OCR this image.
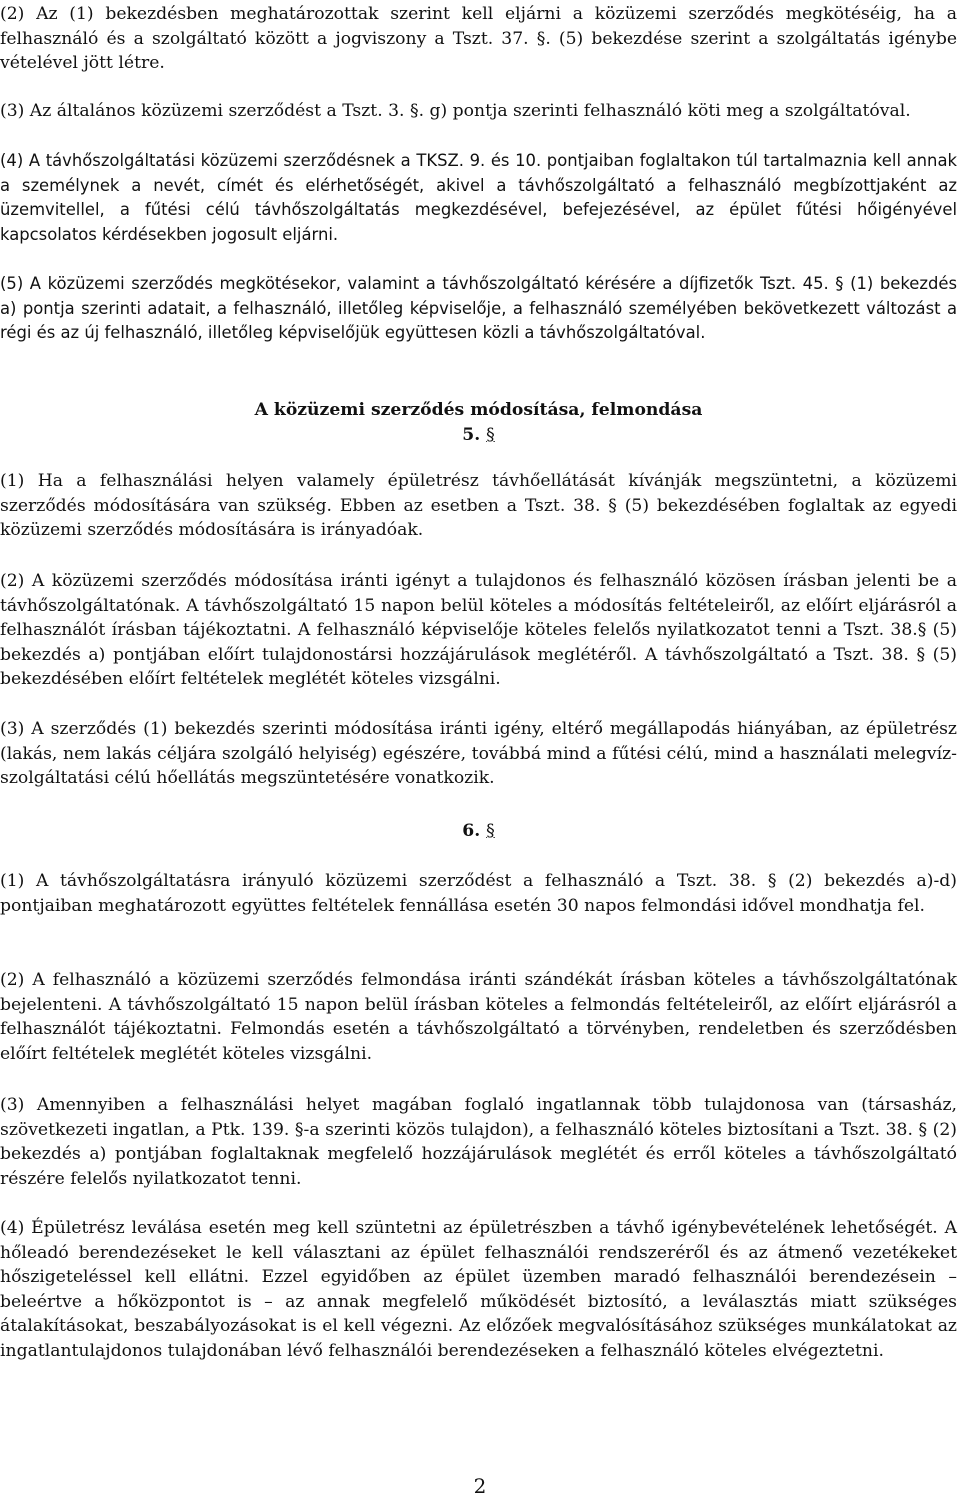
(2) Az (1) bekezdésben meghatározottak szerint kell eljárni a közüzemi szerződés megkötéséig, ha a felhasználó és a szolgáltató között a jogviszony a Tszt. 37. §. (5) bekezdése szerint a szolgáltatás igénybe vételével jött létre.

(3) Az általános közüzemi szerződést a Tszt. 3. §. g) pontja szerinti felhasználó köti meg a szolgáltatóval.

(4) A távhőszolgáltatási közüzemi szerződésnek a TKSZ. 9. és 10. pontjaiban foglaltakon túl tartalmaznia kell annak a személynek a nevét, címét és elérhetőségét, akivel a távhőszolgáltató a felhasználó megbízottjaként az üzemvitellel, a fűtési célú távhőszolgáltatás megkezdésével, befejezésével, az épület fűtési hőigényével kapcsolatos kérdésekben jogosult eljárni.

(5) A közüzemi szerződés megkötésekor, valamint a távhőszolgáltató kérésére a díjfizetők Tszt. 45. § (1) bekezdés a) pontja szerinti adatait, a felhasználó, illetőleg képviselője, a felhasználó személyében bekövetkezett változást a régi és az új felhasználó, illetőleg képviselőjük együttesen közli a távhőszolgáltatóval.

A közüzemi szerződés módosítása, felmondása
5. §

(1) Ha a felhasználási helyen valamely épületrész távhőellátását kívánják megszüntetni, a közüzemi szerződés módosítására van szükség. Ebben az esetben a Tszt. 38. § (5) bekezdésében foglaltak az egyedi közüzemi szerződés módosítására is irányadóak.

(2) A közüzemi szerződés módosítása iránti igényt a tulajdonos és felhasználó közösen írásban jelenti be a távhőszolgáltatónak. A távhőszolgáltató 15 napon belül köteles a módosítás feltételeiről, az előírt eljárásról a felhasználót írásban tájékoztatni. A felhasználó képviselője köteles felelős nyilatkozatot tenni a Tszt. 38.§ (5) bekezdés a) pontjában előírt tulajdonostársi hozzájárulások meglétéről. A távhőszolgáltató a Tszt. 38. § (5) bekezdésében előírt feltételek meglétét köteles vizsgálni.

(3) A szerződés (1) bekezdés szerinti módosítása iránti igény, eltérő megállapodás hiányában, az épületrész (lakás, nem lakás céljára szolgáló helyiség) egészére, továbbá mind a fűtési célú, mind a használati melegvíz-szolgáltatási célú hőellátás megszüntetésére vonatkozik.

6. §

(1) A távhőszolgáltatásra irányuló közüzemi szerződést a felhasználó a Tszt. 38. § (2) bekezdés a)-d) pontjaiban meghatározott együttes feltételek fennállása esetén 30 napos felmondási idővel mondhatja fel.

(2) A felhasználó a közüzemi szerződés felmondása iránti szándékát írásban köteles a távhőszolgáltatónak bejelenteni. A távhőszolgáltató 15 napon belül írásban köteles a felmondás feltételeiről, az előírt eljárásról a felhasználót tájékoztatni. Felmondás esetén a távhőszolgáltató a törvényben, rendeletben és szerződésben előírt feltételek meglétét köteles vizsgálni.

(3) Amennyiben a felhasználási helyet magában foglaló ingatlannak több tulajdonosa van (társasház, szövetkezeti ingatlan, a Ptk. 139. §-a szerinti közös tulajdon), a felhasználó köteles biztosítani a Tszt. 38. § (2) bekezdés a) pontjában foglaltaknak megfelelő hozzájárulások meglétét és erről köteles a távhőszolgáltató részére felelős nyilatkozatot tenni.

(4) Épületrész leválása esetén meg kell szüntetni az épületrészben a távhő igénybevételének lehetőségét. A hőleadó berendezéseket le kell választani az épület felhasználói rendszeréről és az átmenő vezetékeket hőszigeteléssel kell ellátni. Ezzel egyidőben az épület üzemben maradó felhasználói berendezésein – beleértve a hőközpontot is – az annak megfelelő működését biztosító, a leválasztás miatt szükséges átalakításokat, beszabályozásokat is el kell végezni. Az előzőek megvalósításához szükséges munkálatokat az ingatlantulajdonos tulajdonában lévő felhasználói berendezéseken a felhasználó köteles elvégeztetni.

2
